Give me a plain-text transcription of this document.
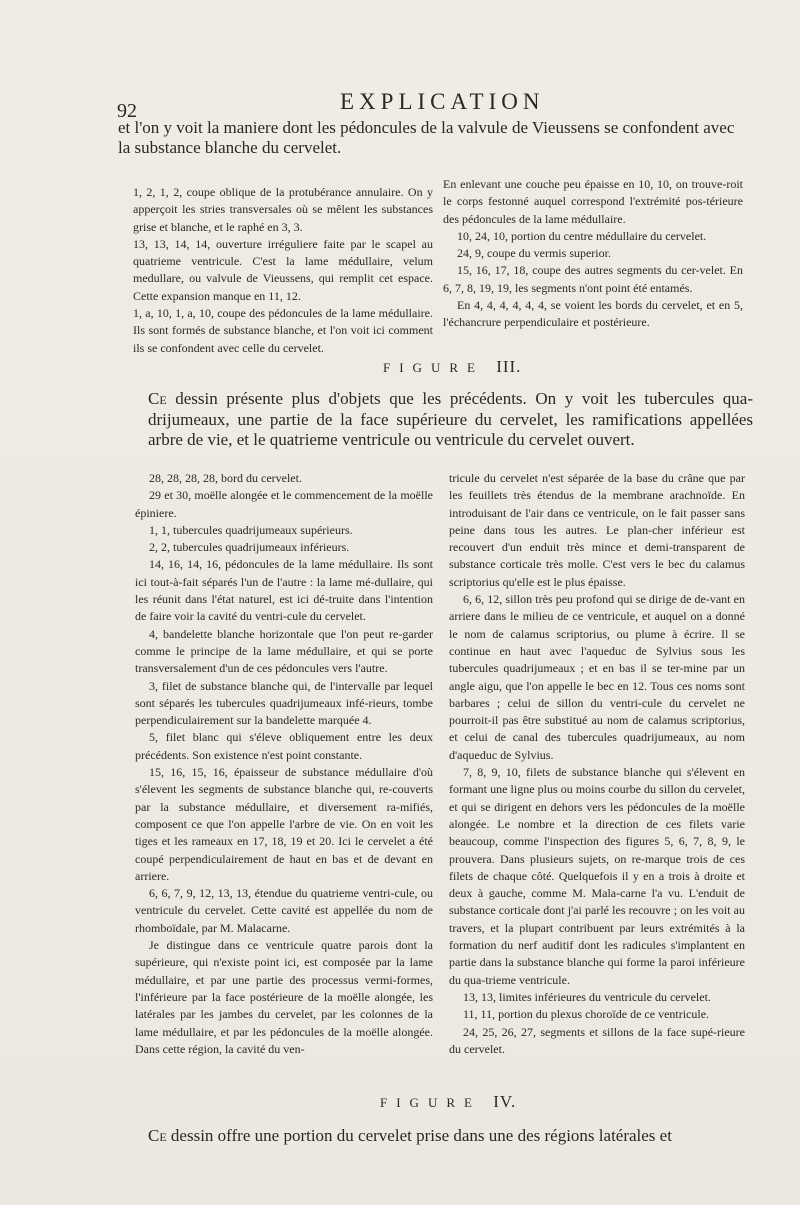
92	EXPLICATION
et l'on y voit la maniere dont les pédoncules de la valvule de Vieussens se confondent avec la substance blanche du cervelet.

1, 2, 1, 2, coupe oblique de la protubérance annulaire. On y apperçoit les stries transversales où se mêlent les substances grise et blanche, et le raphé en 3, 3.

13, 13, 14, 14, ouverture irréguliere faite par le scapel au quatrieme ventricule. C'est la lame médullaire, velum medullare, ou valvule de Vieussens, qui remplit cet espace. Cette expansion manque en 11, 12.

1, a, 10, 1, a, 10, coupe des pédoncules de la lame médullaire. Ils sont formés de substance blanche, et l'on voit ici comment ils se confondent avec celle du cervelet.

En enlevant une couche peu épaisse en 10, 10, on trouve-roit le corps festonné auquel correspond l'extrémité pos-térieure des pédoncules de la lame médullaire.

10, 24, 10, portion du centre médullaire du cervelet.

24, 9, coupe du vermis superior.

15, 16, 17, 18, coupe des autres segments du cer-velet. En 6, 7, 8, 19, 19, les segments n'ont point été entamés.

En 4, 4, 4, 4, 4, 4, se voient les bords du cervelet, et en 5, l'échancrure perpendiculaire et postérieure.

FIGURE III.
Ce dessin présente plus d'objets que les précédents. On y voit les tubercules qua-drijumeaux, une partie de la face supérieure du cervelet, les ramifications appellées arbre de vie, et le quatrieme ventricule ou ventricule du cervelet ouvert.

28, 28, 28, 28, bord du cervelet.

29 et 30, moëlle alongée et le commencement de la moëlle épiniere.

1, 1, tubercules quadrijumeaux supérieurs.

2, 2, tubercules quadrijumeaux inférieurs.

14, 16, 14, 16, pédoncules de la lame médullaire. Ils sont ici tout-à-fait séparés l'un de l'autre : la lame mé-dullaire, qui les réunit dans l'état naturel, est ici dé-truite dans l'intention de faire voir la cavité du ventri-cule du cervelet.

4, bandelette blanche horizontale que l'on peut re-garder comme le principe de la lame médullaire, et qui se porte transversalement d'un de ces pédoncules vers l'autre.

3, filet de substance blanche qui, de l'intervalle par lequel sont séparés les tubercules quadrijumeaux infé-rieurs, tombe perpendiculairement sur la bandelette marquée 4.

5, filet blanc qui s'éleve obliquement entre les deux précédents. Son existence n'est point constante.

15, 16, 15, 16, épaisseur de substance médullaire d'où s'élevent les segments de substance blanche qui, re-couverts par la substance médullaire, et diversement ra-mifiés, composent ce que l'on appelle l'arbre de vie. On en voit les tiges et les rameaux en 17, 18, 19 et 20. Ici le cervelet a été coupé perpendiculairement de haut en bas et de devant en arriere.

6, 6, 7, 9, 12, 13, 13, étendue du quatrieme ventri-cule, ou ventricule du cervelet. Cette cavité est appellée du nom de rhomboïdale, par M. Malacarne.

Je distingue dans ce ventricule quatre parois dont la supérieure, qui n'existe point ici, est composée par la lame médullaire, et par une partie des processus vermi-formes, l'inférieure par la face postérieure de la moëlle alongée, les latérales par les jambes du cervelet, par les colonnes de la lame médullaire, et par les pédoncules de la moëlle alongée. Dans cette région, la cavité du ven-

tricule du cervelet n'est séparée de la base du crâne que par les feuillets très étendus de la membrane arachnoïde. En introduisant de l'air dans ce ventricule, on le fait passer sans peine dans tous les autres. Le plan-cher inférieur est recouvert d'un enduit très mince et demi-transparent de substance corticale très molle. C'est vers le bec du calamus scriptorius qu'elle est le plus épaisse.

6, 6, 12, sillon très peu profond qui se dirige de de-vant en arriere dans le milieu de ce ventricule, et auquel on a donné le nom de calamus scriptorius, ou plume à écrire. Il se continue en haut avec l'aqueduc de Sylvius sous les tubercules quadrijumeaux ; et en bas il se ter-mine par un angle aigu, que l'on appelle le bec en 12. Tous ces noms sont barbares ; celui de sillon du ventri-cule du cervelet ne pourroit-il pas être substitué au nom de calamus scriptorius, et celui de canal des tubercules quadrijumeaux, au nom d'aqueduc de Sylvius.

7, 8, 9, 10, filets de substance blanche qui s'élevent en formant une ligne plus ou moins courbe du sillon du cervelet, et qui se dirigent en dehors vers les pédoncules de la moëlle alongée. Le nombre et la direction de ces filets varie beaucoup, comme l'inspection des figures 5, 6, 7, 8, 9, le prouvera. Dans plusieurs sujets, on re-marque trois de ces filets de chaque côté. Quelquefois il y en a trois à droite et deux à gauche, comme M. Mala-carne l'a vu. L'enduit de substance corticale dont j'ai parlé les recouvre ; on les voit au travers, et la plupart contribuent par leurs extrémités à la formation du nerf auditif dont les radicules s'implantent en partie dans la substance blanche qui forme la paroi inférieure du qua-trieme ventricule.

13, 13, limites inférieures du ventricule du cervelet.

11, 11, portion du plexus choroïde de ce ventricule.

24, 25, 26, 27, segments et sillons de la face supé-rieure du cervelet.

FIGURE IV.
Ce dessin offre une portion du cervelet prise dans une des régions latérales et
